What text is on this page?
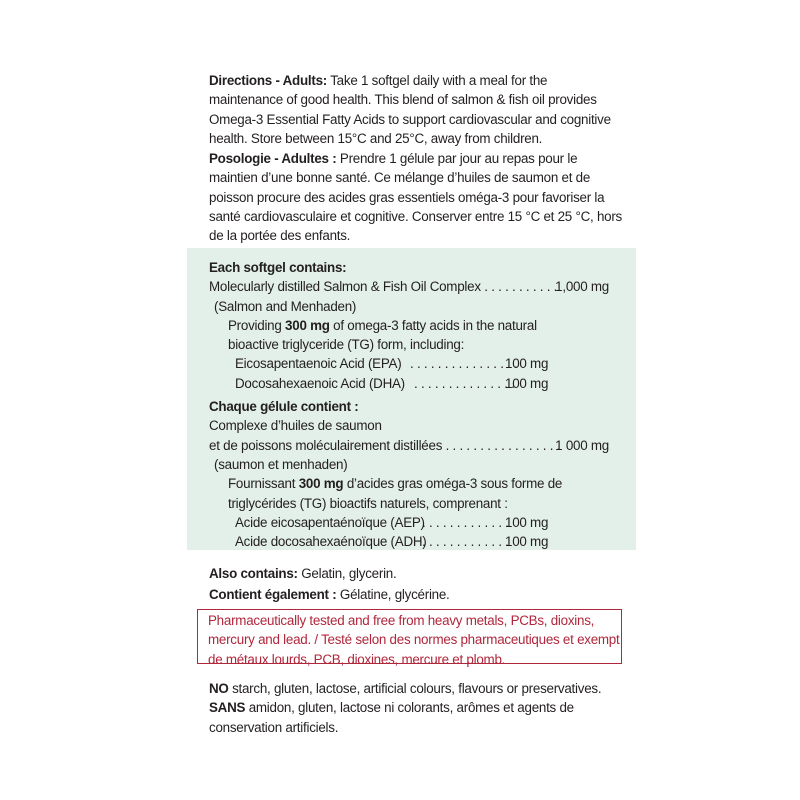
Directions - Adults: Take 1 softgel daily with a meal for the
maintenance of good health. This blend of salmon & fish oil provides
Omega-3 Essential Fatty Acids to support cardiovascular and cognitive
health. Store between 15°C and 25°C, away from children.
Posologie - Adultes : Prendre 1 gélule par jour au repas pour le
maintien d’une bonne santé. Ce mélange d’huiles de saumon et de
poisson procure des acides gras essentiels oméga-3 pour favoriser la
santé cardiovasculaire et cognitive. Conserver entre 15 °C et 25 °C, hors
de la portée des enfants.
Each softgel contains:
Molecularly distilled Salmon & Fish Oil Complex . . . . . . . . . . .
1,000 mg
(Salmon and Menhaden)
Providing 300 mg of omega-3 fatty acids in the natural
bioactive triglyceride (TG) form, including:
Eicosapentaenoic Acid (EPA) . . . . . . . . . . . . . . . .
100 mg
Docosahexaenoic Acid (DHA) . . . . . . . . . . . . . . .
100 mg
Chaque gélule contient :
Complexe d’huiles de saumon
et de poissons moléculairement distillées . . . . . . . . . . . . . . . . .
1 000 mg
(saumon et menhaden)
Fournissant 300 mg d’acides gras oméga-3 sous forme de
triglycérides (TG) bioactifs naturels, comprenant :
Acide eicosapentaénoïque (AEP)
. . . . . . . . . . . . .
100 mg
Acide docosahexaénoïque (ADH)
. . . . . . . . . . . . .
100 mg
Also contains: Gelatin, glycerin.
Contient également : Gélatine, glycérine.
Pharmaceutically tested and free from heavy metals, PCBs, dioxins,
mercury and lead. / Testé selon des normes pharmaceutiques et exempt
de métaux lourds, PCB, dioxines, mercure et plomb.
NO starch, gluten, lactose, artificial colours, flavours or preservatives.
SANS amidon, gluten, lactose ni colorants, arômes et agents de
conservation artificiels.
